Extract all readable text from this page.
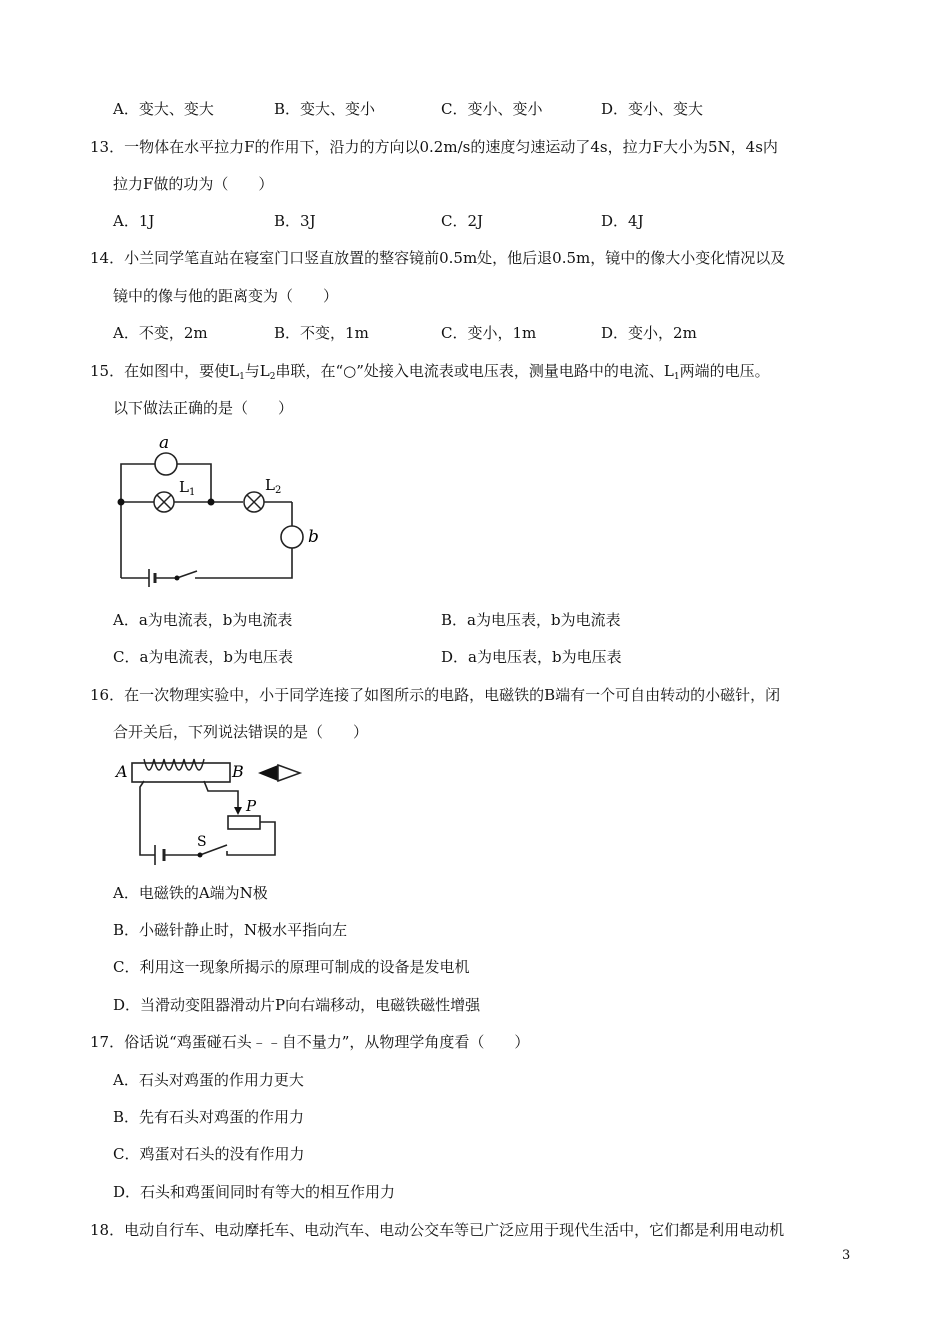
A．变大、变大	B．变大、变小	C．变小、变小	D．变小、变大
13．一物体在水平拉力F的作用下，沿力的方向以0.2m/s的速度匀速运动了4s，拉力F大小为5N，4s内
拉力F做的功为（　　）
A．1J	B．3J	C．2J	D．4J
14．小兰同学笔直站在寝室门口竖直放置的整容镜前0.5m处，他后退0.5m，镜中的像大小变化情况以及
镜中的像与他的距离变为（　　）
A．不变，2m	B．不变，1m	C．变小，1m	D．变小，2m
15．在如图中，要使$L_1$与$L_2$串联，在“○”处接入电流表或电压表，测量电路中的电流、$L_1$两端的电压。
以下做法正确的是（　　）
a
$L_1$	$L_2$
b
A．a为电流表，b为电流表	B．a为电压表，b为电流表
C．a为电流表，b为电压表	D．a为电压表，b为电压表
16．在一次物理实验中，小于同学连接了如图所示的电路，电磁铁的B端有一个可自由转动的小磁针，闭
合开关后，下列说法错误的是（　　）
A	B
P
S
A．电磁铁的A端为N极
B．小磁针静止时，N极水平指向左
C．利用这一现象所揭示的原理可制成的设备是发电机
D．当滑动变阻器滑动片P向右端移动，电磁铁磁性增强
17．俗话说“鸡蛋碰石头﹣﹣自不量力”，从物理学角度看（　　）
A．石头对鸡蛋的作用力更大
B．先有石头对鸡蛋的作用力
C．鸡蛋对石头的没有作用力
D．石头和鸡蛋间同时有等大的相互作用力
18．电动自行车、电动摩托车、电动汽车、电动公交车等已广泛应用于现代生活中，它们都是利用电动机
3
